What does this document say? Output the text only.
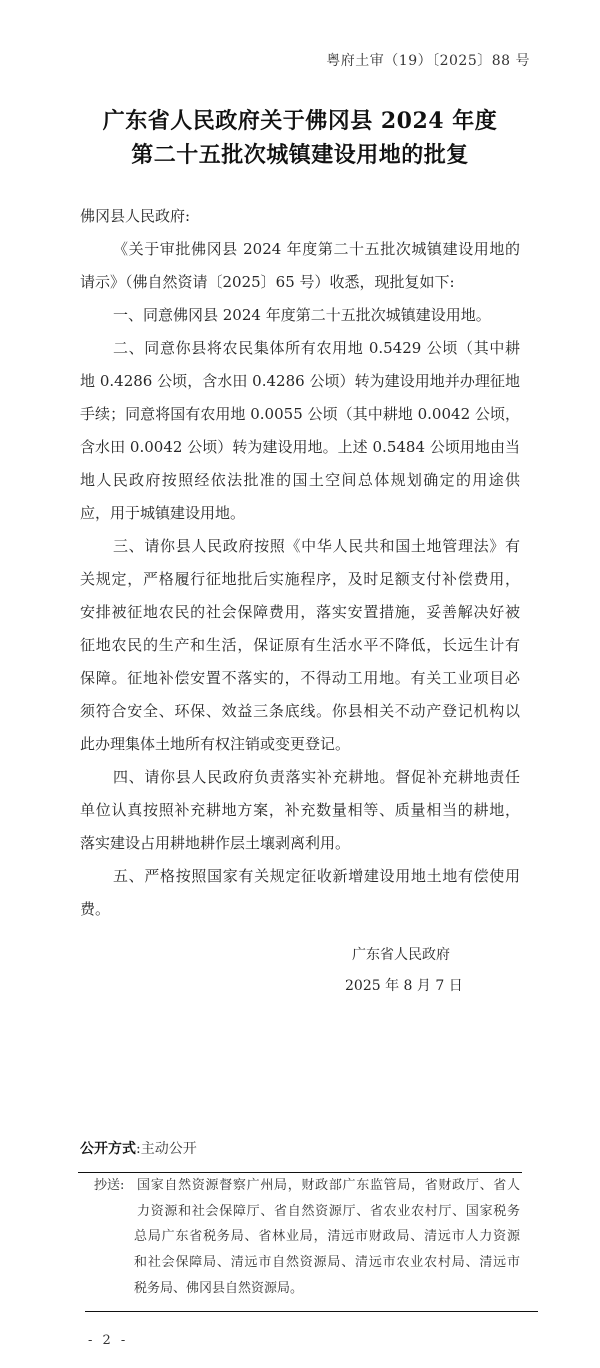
粤府土审（19）〔2025〕88 号
广东省人民政府关于佛冈县 2024 年度
第二十五批次城镇建设用地的批复
佛冈县人民政府:
《关于审批佛冈县 2024 年度第二十五批次城镇建设用地的
请示》（佛自然资请〔2025〕65 号）收悉，现批复如下:
一、同意佛冈县 2024 年度第二十五批次城镇建设用地。
二、同意你县将农民集体所有农用地 0.5429 公顷（其中耕
地 0.4286 公顷，含水田 0.4286 公顷）转为建设用地并办理征地
手续；同意将国有农用地 0.0055 公顷（其中耕地 0.0042 公顷，
含水田 0.0042 公顷）转为建设用地。上述 0.5484 公顷用地由当
地人民政府按照经依法批准的国土空间总体规划确定的用途供
应，用于城镇建设用地。
三、请你县人民政府按照《中华人民共和国土地管理法》有
关规定，严格履行征地批后实施程序，及时足额支付补偿费用，
安排被征地农民的社会保障费用，落实安置措施，妥善解决好被
征地农民的生产和生活，保证原有生活水平不降低，长远生计有
保障。征地补偿安置不落实的，不得动工用地。有关工业项目必
须符合安全、环保、效益三条底线。你县相关不动产登记机构以
此办理集体土地所有权注销或变更登记。
四、请你县人民政府负责落实补充耕地。督促补充耕地责任
单位认真按照补充耕地方案，补充数量相等、质量相当的耕地，
落实建设占用耕地耕作层土壤剥离利用。
五、严格按照国家有关规定征收新增建设用地土地有偿使用
费。
广东省人民政府
2025 年 8 月 7 日
公开方式:主动公开
抄送: 国家自然资源督察广州局，财政部广东监管局，省财政厅、省人
力资源和社会保障厅、省自然资源厅、省农业农村厅、国家税务
总局广东省税务局、省林业局，清远市财政局、清远市人力资源
和社会保障局、清远市自然资源局、清远市农业农村局、清远市
税务局、佛冈县自然资源局。
- 2 -
